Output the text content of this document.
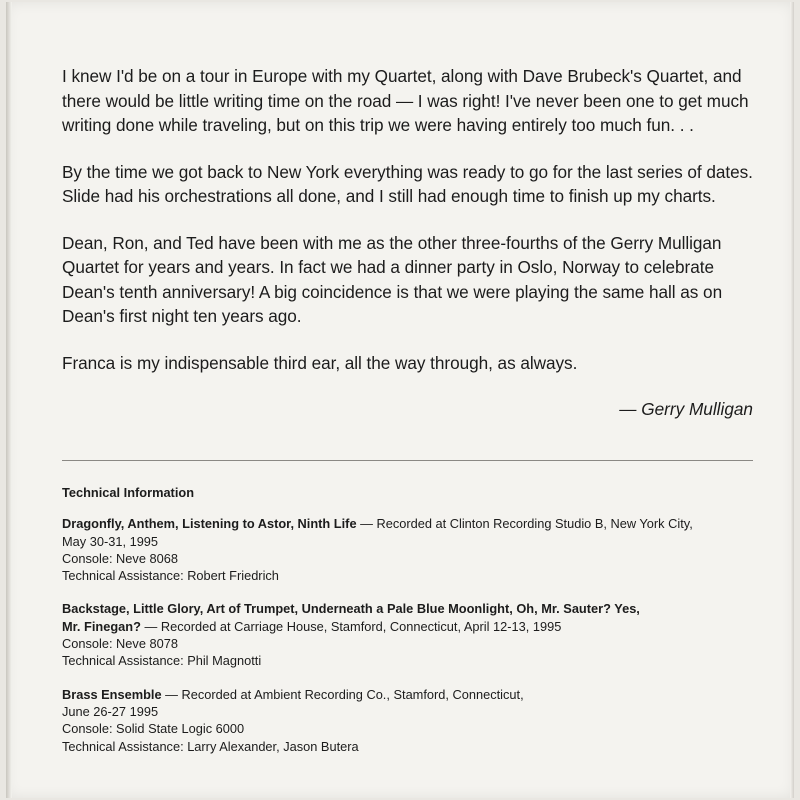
I knew I'd be on a tour in Europe with my Quartet, along with Dave Brubeck's Quartet, and there would be little writing time on the road — I was right! I've never been one to get much writing done while traveling, but on this trip we were having entirely too much fun. . .

By the time we got back to New York everything was ready to go for the last series of dates. Slide had his orchestrations all done, and I still had enough time to finish up my charts.

Dean, Ron, and Ted have been with me as the other three-fourths of the Gerry Mulligan Quartet for years and years. In fact we had a dinner party in Oslo, Norway to celebrate Dean's tenth anniversary! A big coincidence is that we were playing the same hall as on Dean's first night ten years ago.

Franca is my indispensable third ear, all the way through, as always.

— Gerry Mulligan
Technical Information
Dragonfly, Anthem, Listening to Astor, Ninth Life — Recorded at Clinton Recording Studio B, New York City,
May 30-31, 1995
Console: Neve 8068
Technical Assistance: Robert Friedrich
Backstage, Little Glory, Art of Trumpet, Underneath a Pale Blue Moonlight, Oh, Mr. Sauter? Yes,
Mr. Finegan? — Recorded at Carriage House, Stamford, Connecticut, April 12-13, 1995
Console: Neve 8078
Technical Assistance: Phil Magnotti
Brass Ensemble — Recorded at Ambient Recording Co., Stamford, Connecticut,
June 26-27 1995
Console: Solid State Logic 6000
Technical Assistance: Larry Alexander, Jason Butera
